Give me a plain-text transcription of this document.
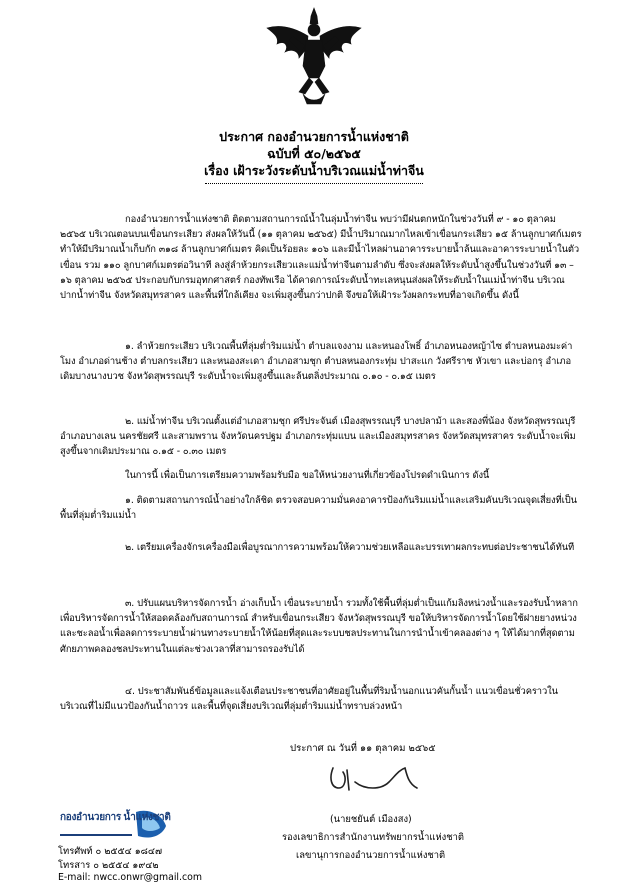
ประกาศ กองอำนวยการน้ำแห่งชาติ

ฉบับที่ ๕๐/๒๕๖๕

เรื่อง เฝ้าระวังระดับน้ำบริเวณแม่น้ำท่าจีน

กองอำนวยการน้ำแห่งชาติ ติดตามสถานการณ์น้ำในลุ่มน้ำท่าจีน พบว่ามีฝนตกหนักในช่วงวันที่ ๙ - ๑๐ ตุลาคม ๒๕๖๕ บริเวณตอนบนเขื่อนกระเสียว ส่งผลให้วันนี้ (๑๑ ตุลาคม ๒๕๖๕) มีน้ำปริมาณมากไหลเข้าเขื่อนกระเสียว ๑๕ ล้านลูกบาศก์เมตร ทำให้มีปริมาณน้ำเก็บกัก ๓๑๘ ล้านลูกบาศก์เมตร คิดเป็นร้อยละ ๑๐๖ และมีน้ำไหลผ่านอาคารระบายน้ำล้นและอาคารระบายน้ำในตัวเขื่อน รวม ๑๑๐ ลูกบาศก์เมตรต่อวินาที ลงสู่ลำห้วยกระเสียวและแม่น้ำท่าจีนตามลำดับ ซึ่งจะส่งผลให้ระดับน้ำสูงขึ้นในช่วงวันที่ ๑๓ – ๑๖ ตุลาคม ๒๕๖๕ ประกอบกับกรมอุทกศาสตร์ กองทัพเรือ ได้คาดการณ์ระดับน้ำทะเลหนุนส่งผลให้ระดับน้ำในแม่น้ำท่าจีน บริเวณปากน้ำท่าจีน จังหวัดสมุทรสาคร และพื้นที่ใกล้เคียง จะเพิ่มสูงขึ้นกว่าปกติ จึงขอให้เฝ้าระวังผลกระทบที่อาจเกิดขึ้น ดังนี้

๑. ลำห้วยกระเสียว บริเวณพื้นที่ลุ่มต่ำริมแม่น้ำ ตำบลแจงงาม และหนองโพธิ์ อำเภอหนองหญ้าไซ ตำบลหนองมะค่าโมง อำเภอด่านช้าง ตำบลกระเสียว และหนองสะเดา อำเภอสามชุก ตำบลหนองกระทุ่ม ปาสะแก วังศรีราช หัวเขา และบ่อกรุ อำเภอเดิมบางนางบวช จังหวัดสุพรรณบุรี ระดับน้ำจะเพิ่มสูงขึ้นและล้นตลิ่งประมาณ ๐.๑๐ - ๐.๑๕ เมตร

๒. แม่น้ำท่าจีน บริเวณตั้งแต่อำเภอสามชุก ศรีประจันต์ เมืองสุพรรณบุรี บางปลาม้า และสองพี่น้อง จังหวัดสุพรรณบุรี อำเภอบางเลน นครชัยศรี และสามพราน จังหวัดนครปฐม อำเภอกระทุ่มแบน และเมืองสมุทรสาคร จังหวัดสมุทรสาคร ระดับน้ำจะเพิ่มสูงขึ้นจากเดิมประมาณ ๐.๑๕ - ๐.๓๐ เมตร

ในการนี้ เพื่อเป็นการเตรียมความพร้อมรับมือ ขอให้หน่วยงานที่เกี่ยวข้องโปรดดำเนินการ ดังนี้

๑. ติดตามสถานการณ์น้ำอย่างใกล้ชิด ตรวจสอบความมั่นคงอาคารป้องกันริมแม่น้ำและเสริมคันบริเวณจุดเสี่ยงที่เป็นพื้นที่ลุ่มต่ำริมแม่น้ำ

๒. เตรียมเครื่องจักรเครื่องมือเพื่อบูรณาการความพร้อมให้ความช่วยเหลือและบรรเทาผลกระทบต่อประชาชนได้ทันที

๓. ปรับแผนบริหารจัดการน้ำ อ่างเก็บน้ำ เขื่อนระบายน้ำ รวมทั้งใช้พื้นที่ลุ่มต่ำเป็นแก้มลิงหน่วงน้ำและรองรับน้ำหลาก เพื่อบริหารจัดการน้ำให้สอดคล้องกับสถานการณ์ สำหรับเขื่อนกระเสียว จังหวัดสุพรรณบุรี ขอให้บริหารจัดการน้ำโดยใช้ฝายยางหน่วงและชะลอน้ำเพื่อลดการระบายน้ำผ่านทางระบายน้ำให้น้อยที่สุดและระบบชลประทานในการนำน้ำเข้าคลองต่าง ๆ ให้ได้มากที่สุดตามศักยภาพคลองชลประทานในแต่ละช่วงเวลาที่สามารถรองรับได้

๔. ประชาสัมพันธ์ข้อมูลและแจ้งเตือนประชาชนที่อาศัยอยู่ในพื้นที่ริมน้ำนอกแนวคันกั้นน้ำ แนวเขื่อนชั่วคราวในบริเวณที่ไม่มีแนวป้องกันน้ำถาวร และพื้นที่จุดเสี่ยงบริเวณที่ลุ่มต่ำริมแม่น้ำทราบล่วงหน้า

ประกาศ ณ วันที่ ๑๑ ตุลาคม ๒๕๖๕

(นายชยันต์ เมืองสง)

รองเลขาธิการสำนักงานทรัพยากรน้ำแห่งชาติ

เลขานุการกองอำนวยการน้ำแห่งชาติ

กองอำนวยการ น้ำแห่งชาติ

โทรศัพท์ ๐ ๒๕๕๔ ๑๘๔๗

โทรสาร ๐ ๒๕๕๔ ๑๙๔๒

E-mail: nwcc.onwr@gmail.com
